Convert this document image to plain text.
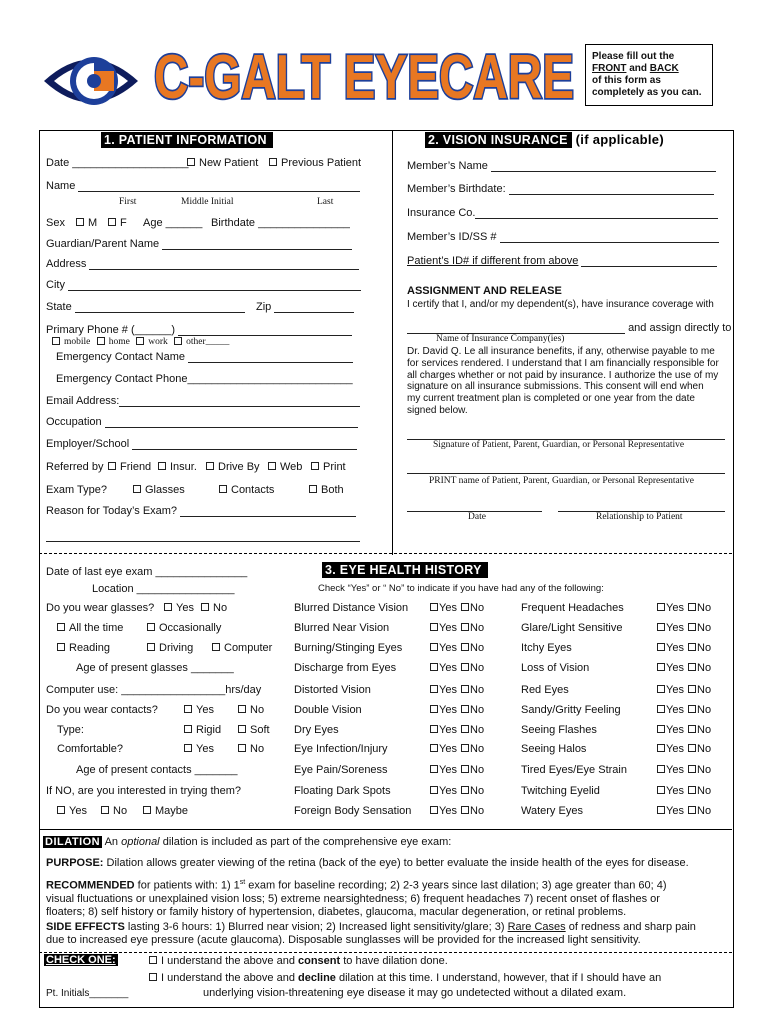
C-GALT EYECARE Please fill out the
FRONT and BACK
of this form as
completely as you can.
1. PATIENT INFORMATION
Date ___________________ New Patient	Previous Patient
Name
First	Middle Initial	Last
Sex	M	F Age ______ Birthdate _______________
Guardian/Parent Name
Address
City
State	Zip
Primary Phone # (______)
mobile home work other_____
Emergency Contact Name
Emergency Contact Phone___________________________
Email Address:
Occupation
Employer/School
Referred by	Friend	Insur.	Drive By	Web	Print
Exam Type?	Glasses	Contacts	Both
Reason for Today’s Exam?
2. VISION INSURANCE (if applicable)
Member’s Name
Member’s Birthdate:
Insurance Co.
Member’s ID/SS #
Patient’s ID# if different from above
ASSIGNMENT AND RELEASE
I certify that I, and/or my dependent(s), have insurance coverage with
and assign directly to
Name of Insurance Company(ies)
Dr. David Q. Le all insurance benefits, if any, otherwise payable to me
for services rendered. I understand that I am financially responsible for
all charges whether or not paid by insurance. I authorize the use of my
signature on all insurance submissions. This consent will end when
my current treatment plan is completed or one year from the date
signed below.
Signature of Patient, Parent, Guardian, or Personal Representative
PRINT name of Patient, Parent, Guardian, or Personal Representative
Date	Relationship to Patient
Date of last eye exam _______________
Location ________________
Do you wear glasses?	Yes	No
All the time	Occasionally
Reading	Driving	Computer
Age of present glasses _______
Computer use: _________________hrs/day
Do you wear contacts?	Yes	No
Type:	Rigid	Soft
Comfortable?	Yes	No
Age of present contacts _______
If NO, are you interested in trying them?
Yes	No	Maybe
3. EYE HEALTH HISTORY
Check “Yes” or “ No” to indicate if you have had any of the following:
Blurred Distance Vision	Yes	No
Blurred Near Vision	Yes	No
Burning/Stinging Eyes	Yes	No
Discharge from Eyes	Yes	No
Distorted Vision	Yes	No
Double Vision	Yes	No
Dry Eyes	Yes	No
Eye Infection/Injury	Yes	No
Eye Pain/Soreness	Yes	No
Floating Dark Spots	Yes	No
Foreign Body Sensation	Yes	No
Frequent Headaches	Yes	No
Glare/Light Sensitive	Yes	No
Itchy Eyes	Yes	No
Loss of Vision	Yes	No
Red Eyes	Yes	No
Sandy/Gritty Feeling	Yes	No
Seeing Flashes	Yes	No
Seeing Halos	Yes	No
Tired Eyes/Eye Strain	Yes	No
Twitching Eyelid	Yes	No
Watery Eyes	Yes	No
DILATION An optional dilation is included as part of the comprehensive eye exam:
PURPOSE: Dilation allows greater viewing of the retina (back of the eye) to better evaluate the inside health of the eyes for disease.
RECOMMENDED for patients with: 1) 1st exam for baseline recording; 2) 2-3 years since last dilation; 3) age greater than 60; 4)
visual fluctuations or unexplained vision loss; 5) extreme nearsightedness; 6) frequent headaches 7) recent onset of flashes or
floaters; 8) self history or family history of hypertension, diabetes, glaucoma, macular degeneration, or retinal problems.
SIDE EFFECTS lasting 3-6 hours: 1) Blurred near vision; 2) Increased light sensitivity/glare; 3) Rare Cases of redness and sharp pain
due to increased eye pressure (acute glaucoma). Disposable sunglasses will be provided for the increased light sensitivity.
CHECK ONE:	I understand the above and consent to have dilation done.
I understand the above and decline dilation at this time. I understand, however, that if I should have an
underlying vision-threatening eye disease it may go undetected without a dilated exam.
Pt. Initials_______
